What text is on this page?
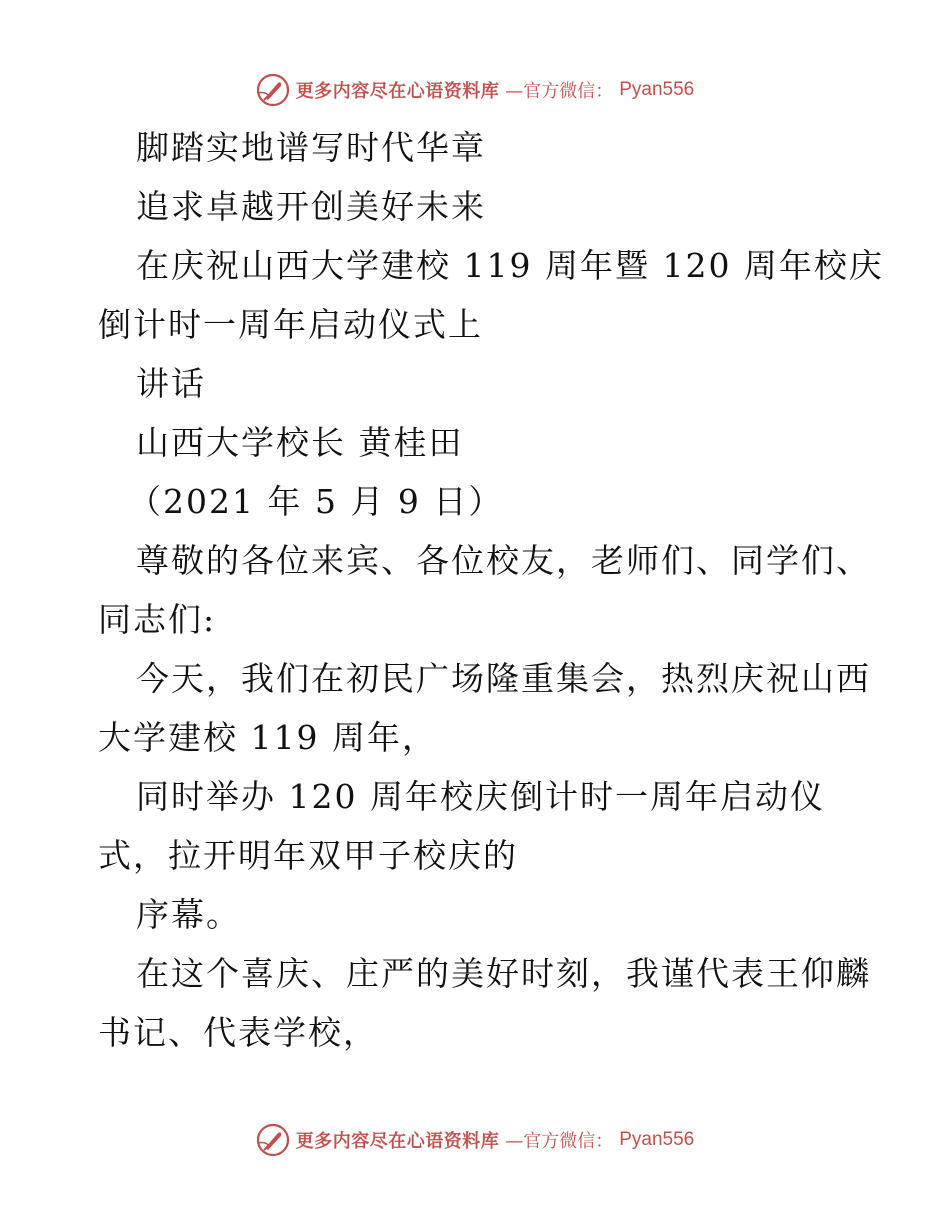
更多内容尽在心语资料库 —官方微信： Pyan556
脚踏实地谱写时代华章
追求卓越开创美好未来
在庆祝山西大学建校 119 周年暨 120 周年校庆
倒计时一周年启动仪式上
讲话
山西大学校长 黄桂田
（2021 年 5 月 9 日）
尊敬的各位来宾、各位校友，老师们、同学们、
同志们:
今天，我们在初民广场隆重集会，热烈庆祝山西
大学建校 119 周年，
同时举办 120 周年校庆倒计时一周年启动仪
式，拉开明年双甲子校庆的
序幕。
在这个喜庆、庄严的美好时刻，我谨代表王仰麟
书记、代表学校，
更多内容尽在心语资料库 —官方微信： Pyan556
